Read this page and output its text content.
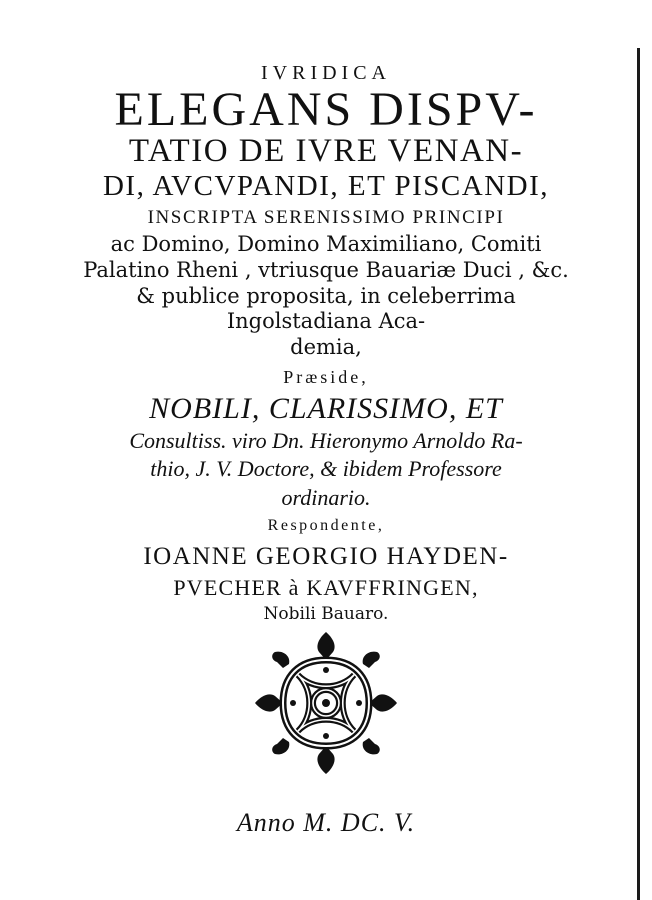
IVRIDICA
ELEGANS DISPV-
TATIO DE IVRE VENAN-
DI, AVCVPANDI, ET PISCANDI,
INSCRIPTA SERENISSIMO PRINCIPI
ac Domino, Domino Maximiliano, Comiti
Palatino Rheni , vtriusque Bauariæ Duci , &c.
& publice proposita, in celeberrima
Ingolstadiana Aca-
demia,
Præside,
NOBILI, CLARISSIMO, ET
Consultiss. viro Dn. Hieronymo Arnoldo Ra-
thio, J. V. Doctore, & ibidem Professore
ordinario.
Respondente,
IOANNE GEORGIO HAYDEN-
PVECHER à KAVFFRINGEN,
Nobili Bauaro.
Anno M. DC. V.
